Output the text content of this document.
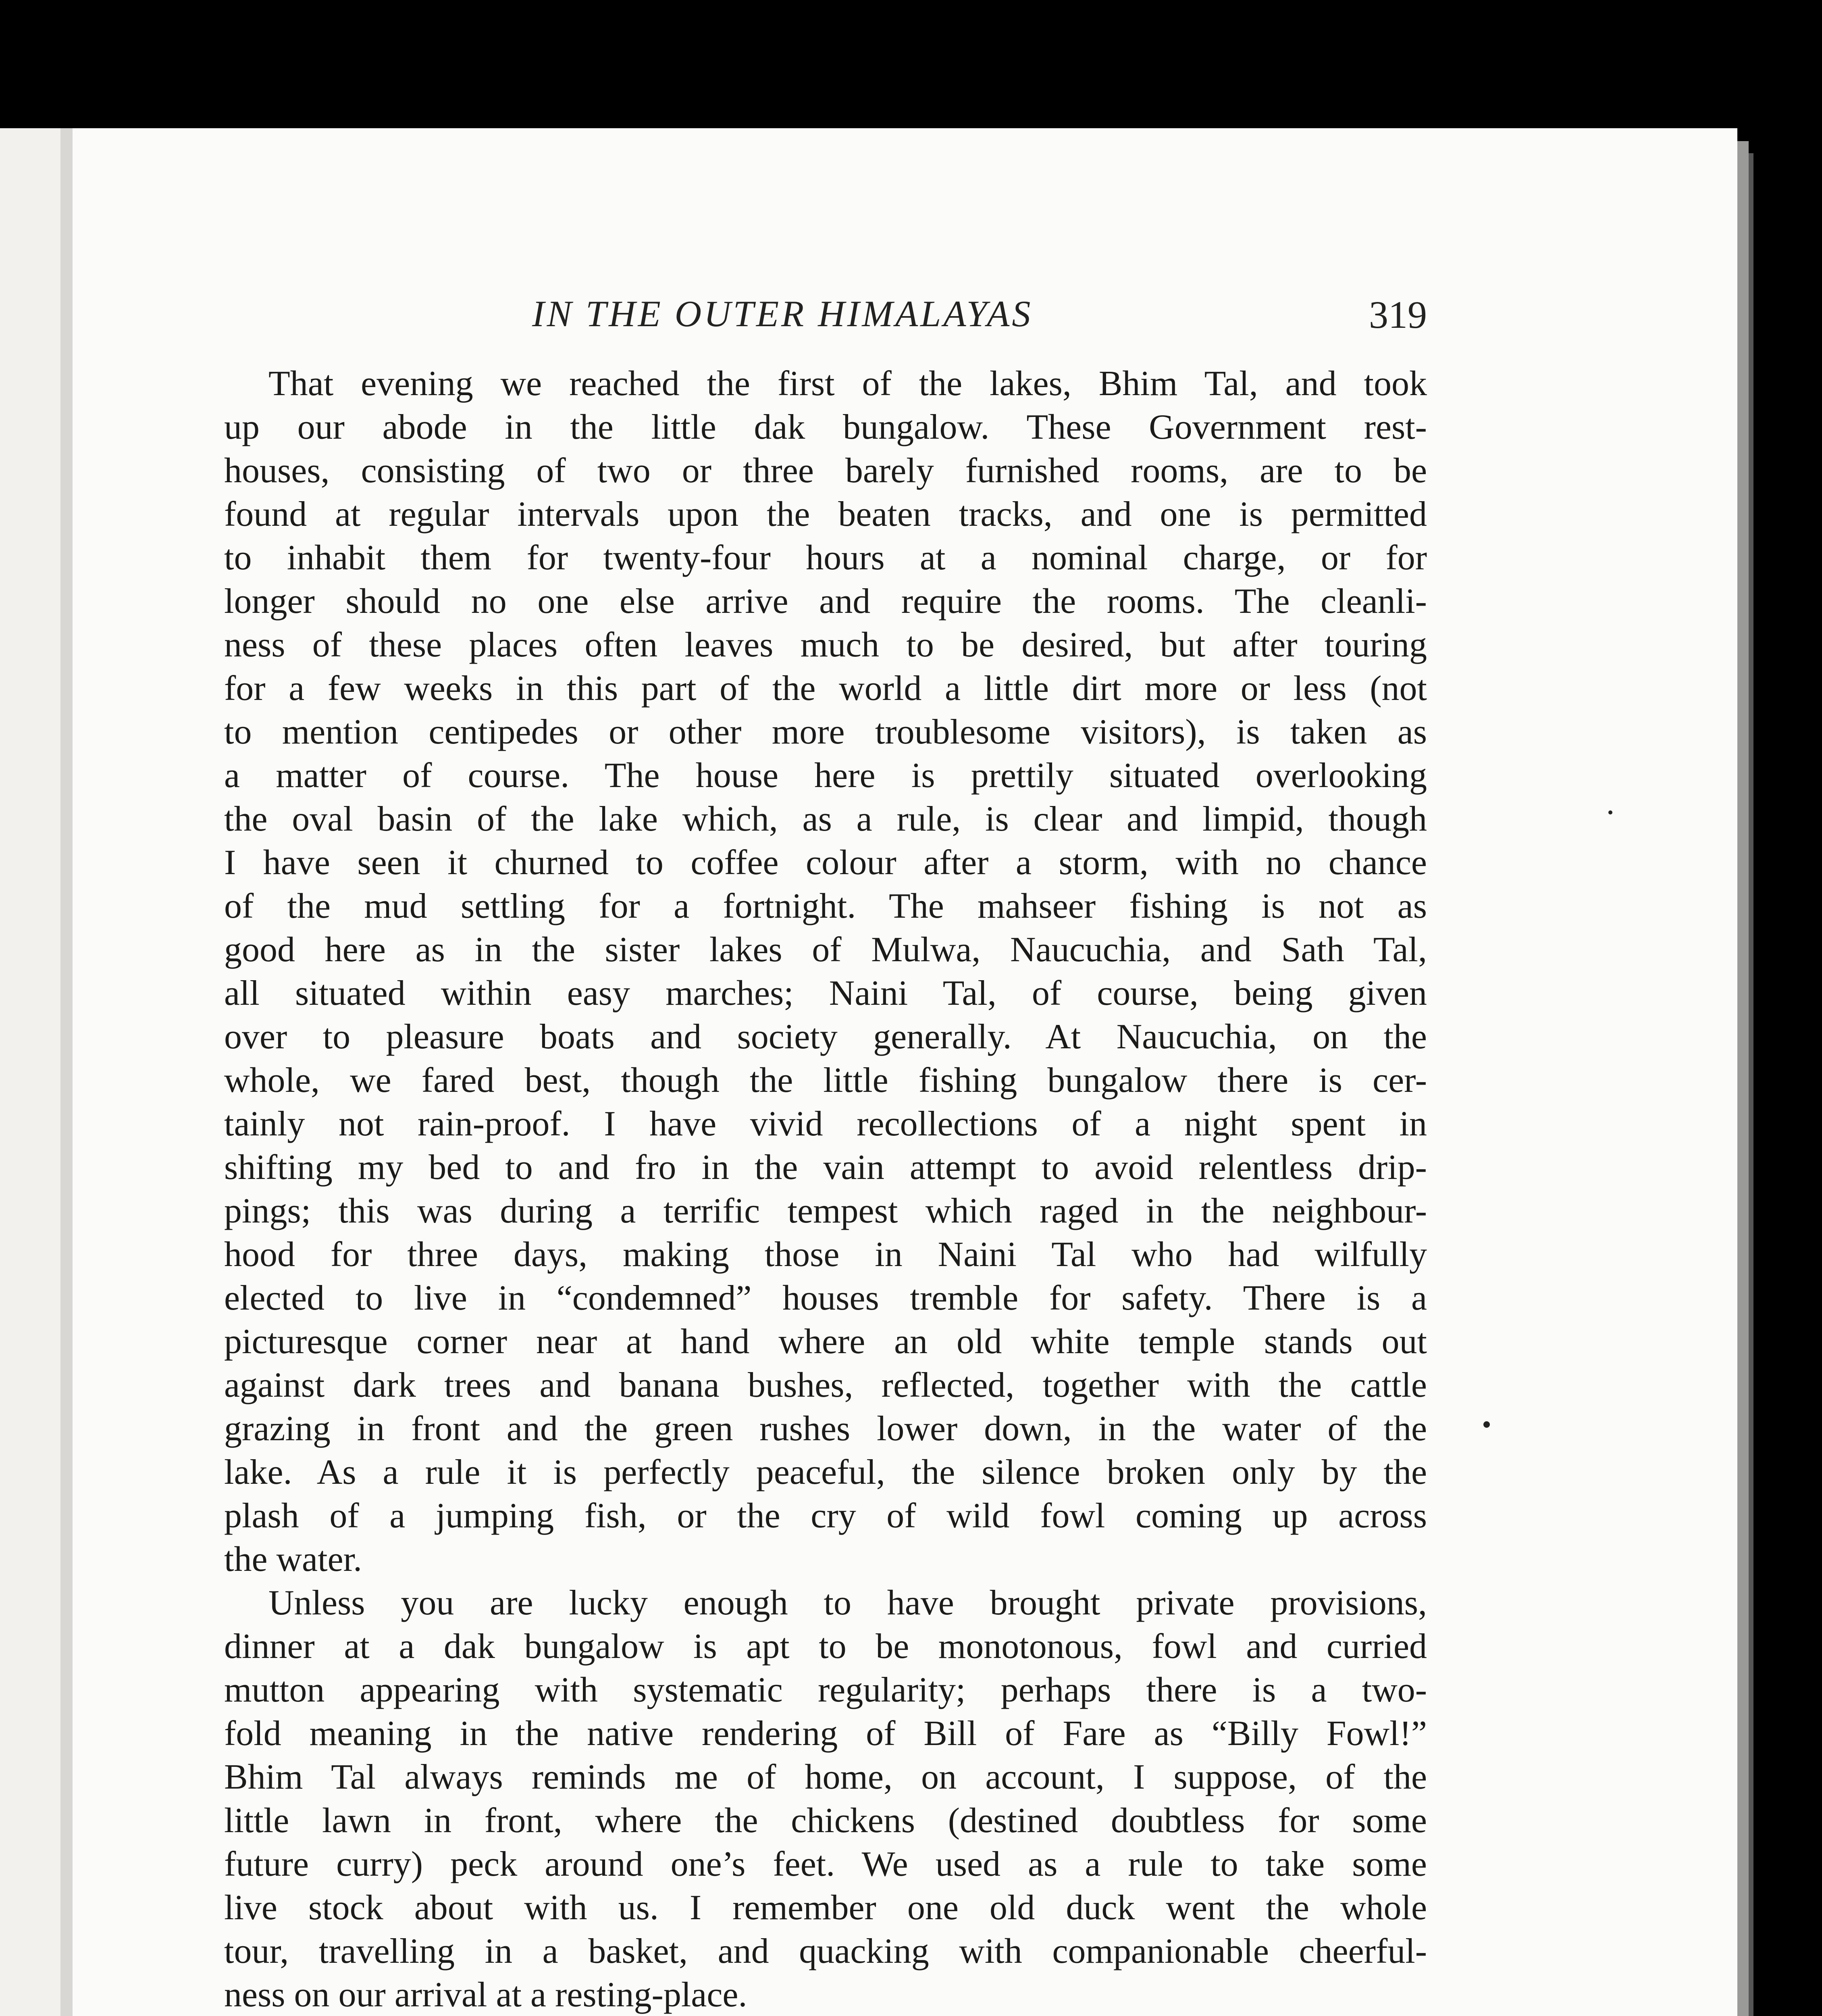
IN THE OUTER HIMALAYAS	319
That evening we reached the first of the lakes, Bhim Tal, and took
up our abode in the little dak bungalow. These Government rest-
houses, consisting of two or three barely furnished rooms, are to be
found at regular intervals upon the beaten tracks, and one is permitted
to inhabit them for twenty-four hours at a nominal charge, or for
longer should no one else arrive and require the rooms. The cleanli-
ness of these places often leaves much to be desired, but after touring
for a few weeks in this part of the world a little dirt more or less (not
to mention centipedes or other more troublesome visitors), is taken as
a matter of course. The house here is prettily situated overlooking
the oval basin of the lake which, as a rule, is clear and limpid, though
I have seen it churned to coffee colour after a storm, with no chance
of the mud settling for a fortnight. The mahseer fishing is not as
good here as in the sister lakes of Mulwa, Naucuchia, and Sath Tal,
all situated within easy marches; Naini Tal, of course, being given
over to pleasure boats and society generally. At Naucuchia, on the
whole, we fared best, though the little fishing bungalow there is cer-
tainly not rain-proof. I have vivid recollections of a night spent in
shifting my bed to and fro in the vain attempt to avoid relentless drip-
pings; this was during a terrific tempest which raged in the neighbour-
hood for three days, making those in Naini Tal who had wilfully
elected to live in “condemned” houses tremble for safety. There is a
picturesque corner near at hand where an old white temple stands out
against dark trees and banana bushes, reflected, together with the cattle
grazing in front and the green rushes lower down, in the water of the
lake. As a rule it is perfectly peaceful, the silence broken only by the
plash of a jumping fish, or the cry of wild fowl coming up across
the water.
Unless you are lucky enough to have brought private provisions,
dinner at a dak bungalow is apt to be monotonous, fowl and curried
mutton appearing with systematic regularity; perhaps there is a two-
fold meaning in the native rendering of Bill of Fare as “Billy Fowl!”
Bhim Tal always reminds me of home, on account, I suppose, of the
little lawn in front, where the chickens (destined doubtless for some
future curry) peck around one’s feet. We used as a rule to take some
live stock about with us. I remember one old duck went the whole
tour, travelling in a basket, and quacking with companionable cheerful-
ness on our arrival at a resting-place.
